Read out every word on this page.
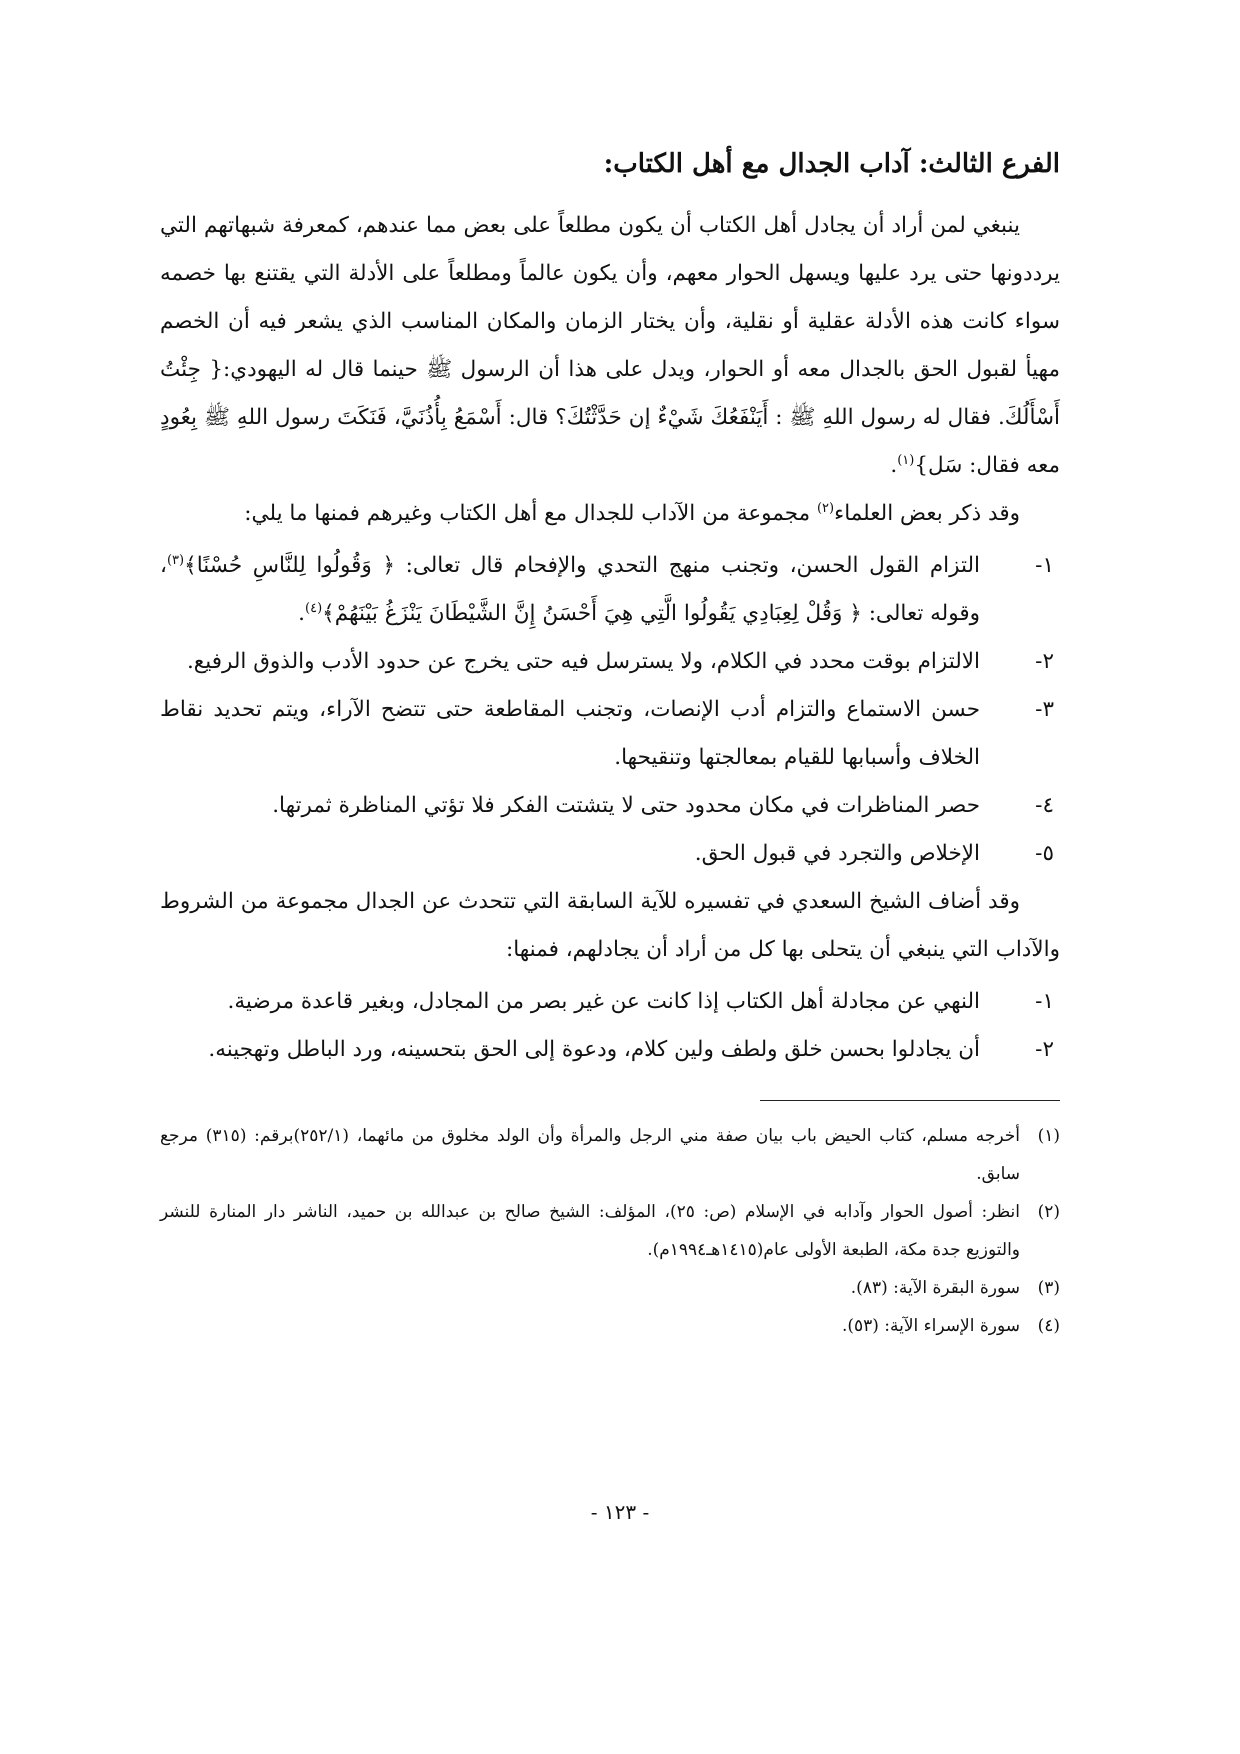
الفرع الثالث: آداب الجدال مع أهل الكتاب:

ينبغي لمن أراد أن يجادل أهل الكتاب أن يكون مطلعاً على بعض مما عندهم، كمعرفة شبهاتهم التي يرددونها حتى يرد عليها ويسهل الحوار معهم، وأن يكون عالماً ومطلعاً على الأدلة التي يقتنع بها خصمه سواء كانت هذه الأدلة عقلية أو نقلية، وأن يختار الزمان والمكان المناسب الذي يشعر فيه أن الخصم مهيأ لقبول الحق بالجدال معه أو الحوار، ويدل على هذا أن الرسول ﷺ حينما قال له اليهودي:{ جِئْتُ أَسْأَلُكَ. فقال له رسول اللهِ ﷺ : أَيَنْفَعُكَ شَيْءٌ إن حَدَّثْتُكَ؟ قال: أَسْمَعُ بِأُذُنَيَّ، فَنَكَتَ رسول اللهِ ﷺ بِعُودٍ معه فقال: سَل}$^{(١)}$.

وقد ذكر بعض العلماء$^{(٢)}$ مجموعة من الآداب للجدال مع أهل الكتاب وغيرهم فمنها ما يلي:

١-
التزام القول الحسن، وتجنب منهج التحدي والإفحام قال تعالى: ﴿ وَقُولُوا لِلنَّاسِ حُسْنًا﴾$^{(٣)}$، وقوله تعالى: ﴿ وَقُلْ لِعِبَادِي يَقُولُوا الَّتِي هِيَ أَحْسَنُ إِنَّ الشَّيْطَانَ يَنْزَغُ بَيْنَهُمْ﴾$^{(٤)}$.
٢-
الالتزام بوقت محدد في الكلام، ولا يسترسل فيه حتى يخرج عن حدود الأدب والذوق الرفيع.
٣-
حسن الاستماع والتزام أدب الإنصات، وتجنب المقاطعة حتى تتضح الآراء، ويتم تحديد نقاط الخلاف وأسبابها للقيام بمعالجتها وتنقيحها.
٤-
حصر المناظرات في مكان محدود حتى لا يتشتت الفكر فلا تؤتي المناظرة ثمرتها.
٥-
الإخلاص والتجرد في قبول الحق.

وقد أضاف الشيخ السعدي في تفسيره للآية السابقة التي تتحدث عن الجدال مجموعة من الشروط والآداب التي ينبغي أن يتحلى بها كل من أراد أن يجادلهم، فمنها:

١-
النهي عن مجادلة أهل الكتاب إذا كانت عن غير بصر من المجادل، وبغير قاعدة مرضية.
٢-
أن يجادلوا بحسن خلق ولطف ولين كلام، ودعوة إلى الحق بتحسينه، ورد الباطل وتهجينه.
(١)
أخرجه مسلم، كتاب الحيض باب بيان صفة مني الرجل والمرأة وأن الولد مخلوق من مائهما، (٢٥٢/١)برقم: (٣١٥) مرجع سابق.
(٢)
انظر: أصول الحوار وآدابه في الإسلام (ص: ٢٥)، المؤلف: الشيخ صالح بن عبدالله بن حميد، الناشر دار المنارة للنشر والتوزيع جدة مكة، الطبعة الأولى عام(١٤١٥هـ١٩٩٤م).
(٣)
سورة البقرة الآية: (٨٣).
(٤)
سورة الإسراء الآية: (٥٣).
- ١٢٣ -
